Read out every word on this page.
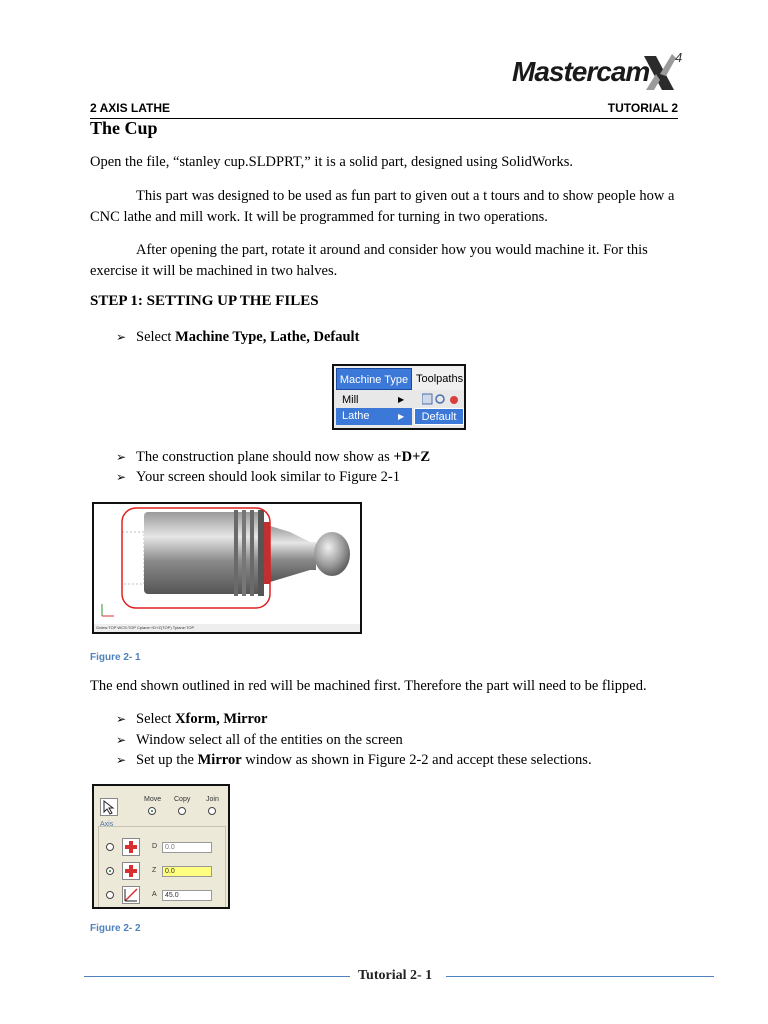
Mastercam 4
2 AXIS LATHE	TUTORIAL 2
The Cup
Open the file, “stanley cup.SLDPRT,” it is a solid part, designed using SolidWorks.
This part was designed to be used as fun part to given out a t tours and to show people how a CNC lathe and mill work. It will be programmed for turning in two operations.
After opening the part, rotate it around and consider how you would machine it. For this exercise it will be machined in two halves.
STEP 1: SETTING UP THE FILES
➢ Select Machine Type, Lathe, Default
Machine Type Toolpaths
Mill	▶
Lathe	▶	Default
➢ The construction plane should now show as +D+Z
➢ Your screen should look similar to Figure 2-1
Gview:TOP WCS:TOP Cplane:+D+Z(TOP) Tplane:TOP
Figure 2- 1
The end shown outlined in red will be machined first. Therefore the part will need to be flipped.
➢ Select Xform, Mirror
➢ Window select all of the entities on the screen
➢ Set up the Mirror window as shown in Figure 2-2 and accept these selections.
Move Copy Join
Axis
D	0.0
Z	0.0
A	45.0
Figure 2- 2
Tutorial 2- 1
